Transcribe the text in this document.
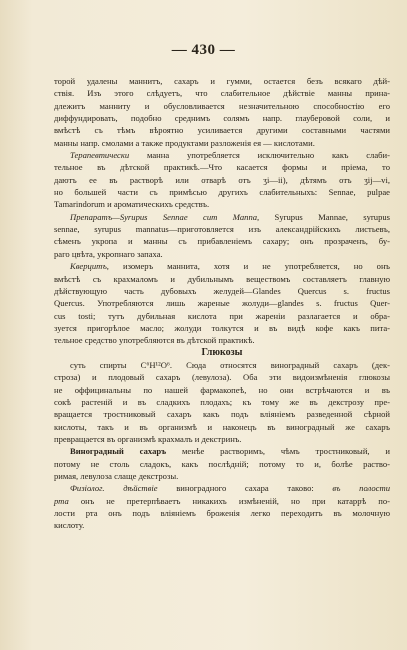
— 430 —
торой удалены маннитъ, сахаръ и гумми, остается безъ всякаго дѣй-
ствія. Изъ этого слѣдуетъ, что слабительное дѣйствіе манны прина-
длежитъ манниту и обусловливается незначительною способностію его
диффундировать, подобно среднимъ солямъ напр. глауберовой соли, и
вмѣстѣ съ тѣмъ вѣроятно усиливается другими составными частями
манны напр. смолами а также продуктами разложенія ея — кислотами.
Терапевтически манна употребляется исключительно какъ слаби-
тельное въ дѣтской практикѣ.—Что касается формы и пріема, то
даютъ ее въ растворѣ или отварѣ отъ ʒi—ii), дѣтямъ отъ ʒij—vi,
но большей части съ примѣсью другихъ слабительныхъ: Sennae, pulpae
Tamarindorum и ароматическихъ средствъ.
Препаратъ—Syrupus Sennae cum Manna, Syrupus Mannae, syrupus
sennae, syrupus mannatus—приготовляется изъ александрійскихъ листьевъ,
сѣменъ укропа и манны съ прибавленіемъ сахару; онъ прозраченъ, бу-
раго цвѣта, укропнаго запаха.
Кверцитъ, изомеръ маннита, хотя и не употребляется, но онъ
вмѣстѣ съ крахмаломъ и дубильнымъ веществомъ составляетъ главную
дѣйствующую часть дубовыхъ желудей—Glandes Quercus s. fructus
Quercus. Употребляются лишь жареные жолуди—glandes s. fructus Quer-
cus tosti; тутъ дубильная кислота при жареніи разлагается и обра-
зуется пригорѣлое масло; жолуди толкутся и въ видѣ кофе какъ пита-
тельное средство употребляются въ дѣтской практикѣ.
Глюкозы
суть спирты C⁶H¹²O⁶. Сюда относятся виноградный сахаръ (дек-
строза) и плодовый сахаръ (левулоза). Оба эти видоизмѣненія глюкозы
не оффицинальны по нашей фармакопеѣ, но они встрѣчаются и въ
сокѣ растеній и въ сладкихъ плодахъ; къ тому же въ декстрозу пре-
вращается тростниковый сахаръ какъ подъ вліяніемъ разведенной сѣрной
кислоты, такъ и въ организмѣ и наконецъ въ виноградный же сахаръ
превращается въ организмѣ крахмалъ и декстринъ.
Виноградный сахаръ менѣе растворимъ, чѣмъ тростниковый, и
потому не столь сладокъ, какъ послѣдній; потому то и, болѣе раство-
римая, левулоза слаще декстрозы.
Физіолог. дѣйствіе виноградного сахара таково: въ полости
рта онъ не претерпѣваетъ никакихъ измѣненій, но при катаррѣ по-
лости рта онъ подъ вліяніемъ броженія легко переходитъ въ молочную
кислоту.
